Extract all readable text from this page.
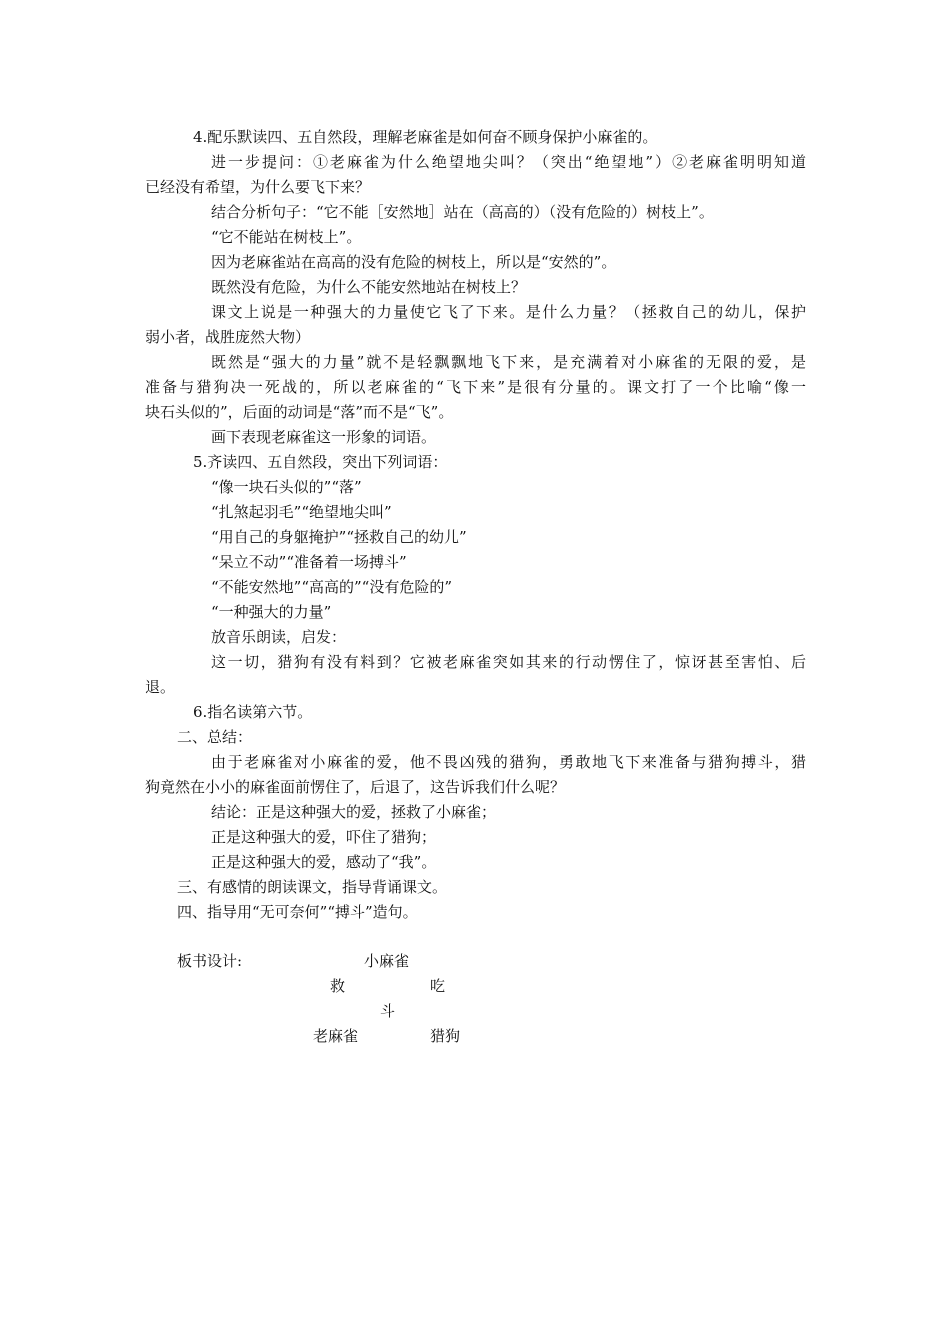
4.配乐默读四、五自然段，理解老麻雀是如何奋不顾身保护小麻雀的。
进一步提问：①老麻雀为什么绝望地尖叫？（突出“绝望地”）②老麻雀明明知道
已经没有希望，为什么要飞下来？
结合分析句子：“它不能［安然地］站在（高高的）（没有危险的）树枝上”。
“它不能站在树枝上”。
因为老麻雀站在高高的没有危险的树枝上，所以是“安然的”。
既然没有危险，为什么不能安然地站在树枝上？
课文上说是一种强大的力量使它飞了下来。是什么力量？（拯救自己的幼儿，保护
弱小者，战胜庞然大物）
既然是“强大的力量”就不是轻飘飘地飞下来，是充满着对小麻雀的无限的爱，是
准备与猎狗决一死战的，所以老麻雀的“飞下来”是很有分量的。课文打了一个比喻“像一
块石头似的”，后面的动词是“落”而不是“飞”。
画下表现老麻雀这一形象的词语。
5.齐读四、五自然段，突出下列词语：
“像一块石头似的”“落”
“扎煞起羽毛”“绝望地尖叫”
“用自己的身躯掩护”“拯救自己的幼儿”
“呆立不动”“准备着一场搏斗”
“不能安然地”“高高的”“没有危险的”
“一种强大的力量”
放音乐朗读，启发：
这一切，猎狗有没有料到？它被老麻雀突如其来的行动愣住了，惊讶甚至害怕、后
退。
6.指名读第六节。
二、总结：
由于老麻雀对小麻雀的爱，他不畏凶残的猎狗，勇敢地飞下来准备与猎狗搏斗，猎
狗竟然在小小的麻雀面前愣住了，后退了，这告诉我们什么呢？
结论：正是这种强大的爱，拯救了小麻雀；
正是这种强大的爱，吓住了猎狗；
正是这种强大的爱，感动了“我”。
三、有感情的朗读课文，指导背诵课文。
四、指导用“无可奈何”“搏斗”造句。
板书设计:	小麻雀
救	吃
斗
老麻雀	猎狗
